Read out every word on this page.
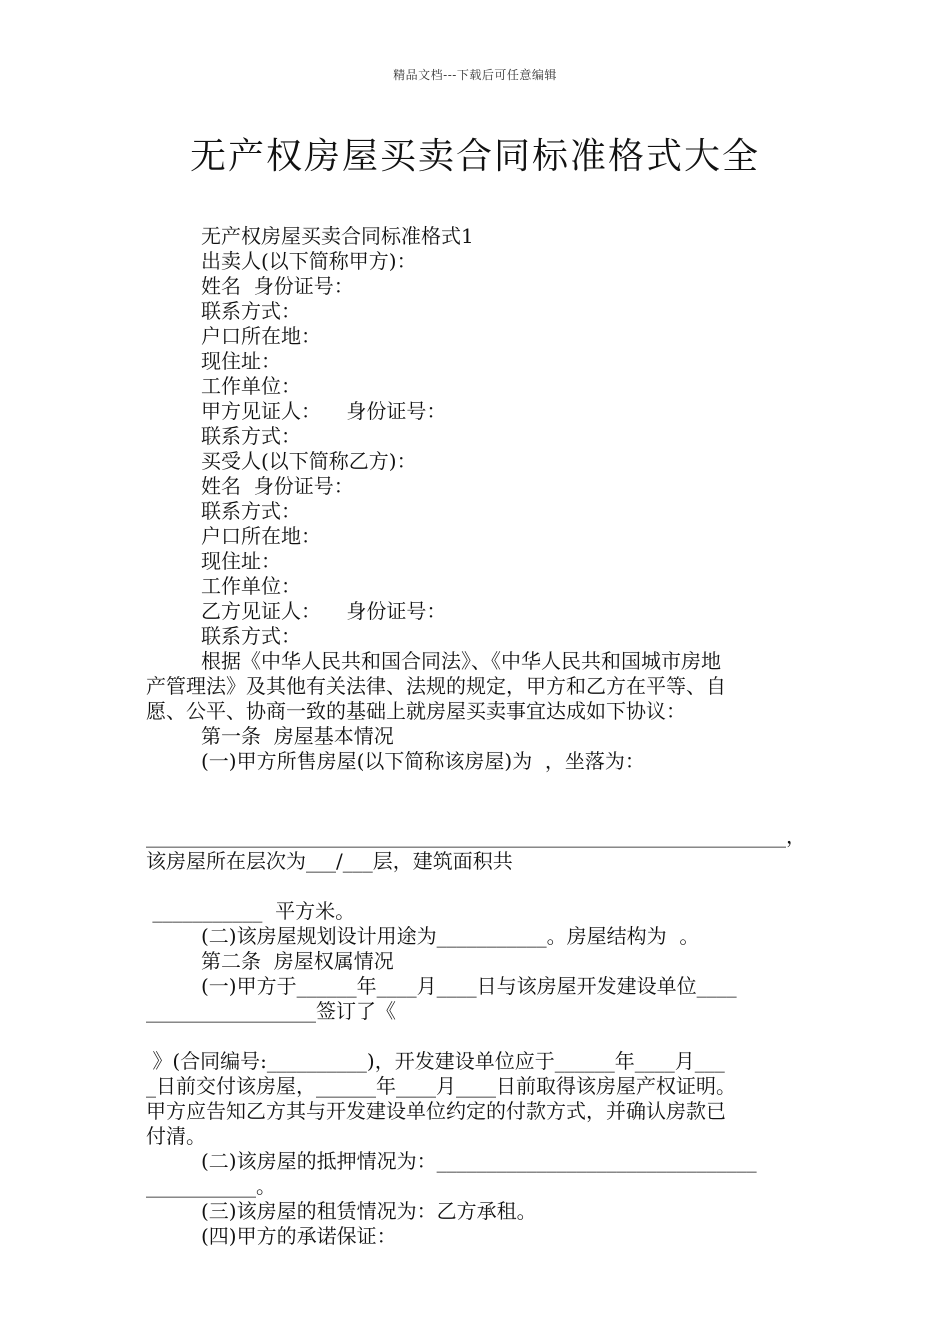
精品文档---下载后可任意编辑
无产权房屋买卖合同标准格式大全

无产权房屋买卖合同标准格式1

出卖人(以下简称甲方)：

姓名  身份证号：

联系方式：

户口所在地：

现住址：

工作单位：

甲方见证人：    身份证号：

联系方式：

买受人(以下简称乙方)：

姓名  身份证号：

联系方式：

户口所在地：

现住址：

工作单位：

乙方见证人：    身份证号：

联系方式：

根据《中华人民共和国合同法》、《中华人民共和国城市房地

产管理法》及其他有关法律、法规的规定，甲方和乙方在平等、自

愿、公平、协商一致的基础上就房屋买卖事宜达成如下协议：

第一条  房屋基本情况

(一)甲方所售房屋(以下简称该房屋)为  ，坐落为：

________________________________________________________________，

该房屋所在层次为___/___层，建筑面积共

___________  平方米。

(二)该房屋规划设计用途为___________。房屋结构为  。

第二条  房屋权属情况

(一)甲方于______年____月____日与该房屋开发建设单位____

_________________签订了《

》(合同编号:__________)，开发建设单位应于______年____月___

_日前交付该房屋，______年____月____日前取得该房屋产权证明。

甲方应告知乙方其与开发建设单位约定的付款方式，并确认房款已

付清。

(二)该房屋的抵押情况为：________________________________

___________。

(三)该房屋的租赁情况为：乙方承租。

(四)甲方的承诺保证：
